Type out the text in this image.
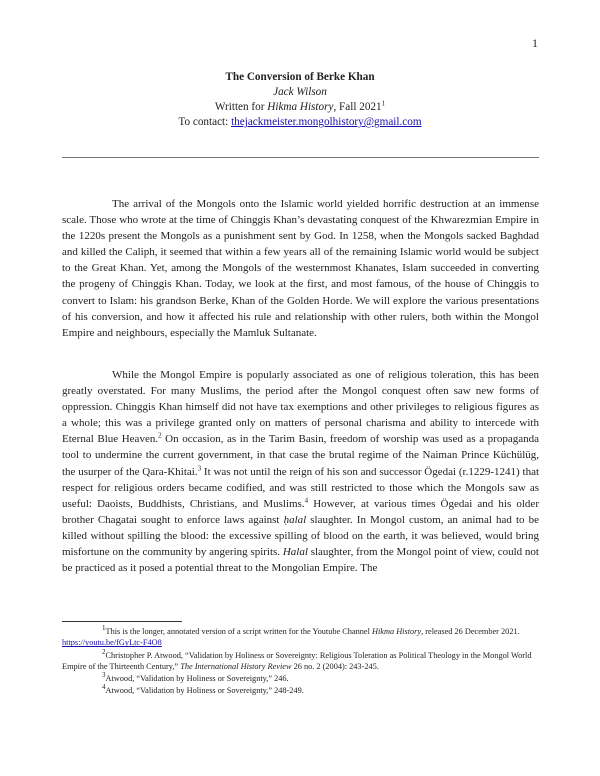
1
The Conversion of Berke Khan
Jack Wilson
Written for Hikma History, Fall 2021$^1$
To contact: thejackmeister.mongolhistory@gmail.com

The arrival of the Mongols onto the Islamic world yielded horrific destruction at an immense scale. Those who wrote at the time of Chinggis Khan’s devastating conquest of the Khwarezmian Empire in the 1220s present the Mongols as a punishment sent by God. In 1258, when the Mongols sacked Baghdad and killed the Caliph, it seemed that within a few years all of the remaining Islamic world would be subject to the Great Khan. Yet, among the Mongols of the westernmost Khanates, Islam succeeded in converting the progeny of Chinggis Khan. Today, we look at the first, and most famous, of the house of Chinggis to convert to Islam: his grandson Berke, Khan of the Golden Horde. We will explore the various presentations of his conversion, and how it affected his rule and relationship with other rulers, both within the Mongol Empire and neighbours, especially the Mamluk Sultanate.

While the Mongol Empire is popularly associated as one of religious toleration, this has been greatly overstated. For many Muslims, the period after the Mongol conquest often saw new forms of oppression. Chinggis Khan himself did not have tax exemptions and other privileges to religious figures as a whole; this was a privilege granted only on matters of personal charisma and ability to intercede with Eternal Blue Heaven.$^2$ On occasion, as in the Tarim Basin, freedom of worship was used as a propaganda tool to undermine the current government, in that case the brutal regime of the Naiman Prince Küchülüg, the usurper of the Qara-Khitai.$^3$ It was not until the reign of his son and successor Ögedai (r.1229-1241) that respect for religious orders became codified, and was still restricted to those which the Mongols saw as useful: Daoists, Buddhists, Christians, and Muslims.$^4$ However, at various times Ögedai and his older brother Chagatai sought to enforce laws against ḥalal slaughter. In Mongol custom, an animal had to be killed without spilling the blood: the excessive spilling of blood on the earth, it was believed, would bring misfortune on the community by angering spirits. Halal slaughter, from the Mongol point of view, could not be practiced as it posed a potential threat to the Mongolian Empire. The

$^1$This is the longer, annotated version of a script written for the Youtube Channel Hikma History, released 26 December 2021. https://youtu.be/fGyLtc-F4O8

$^2$Christopher P. Atwood, “Validation by Holiness or Sovereignty: Religious Toleration as Political Theology in the Mongol World Empire of the Thirteenth Century,” The International History Review 26 no. 2 (2004): 243-245.

$^3$Atwood, “Validation by Holiness or Sovereignty,” 246.

$^4$Atwood, “Validation by Holiness or Sovereignty,” 248-249.
